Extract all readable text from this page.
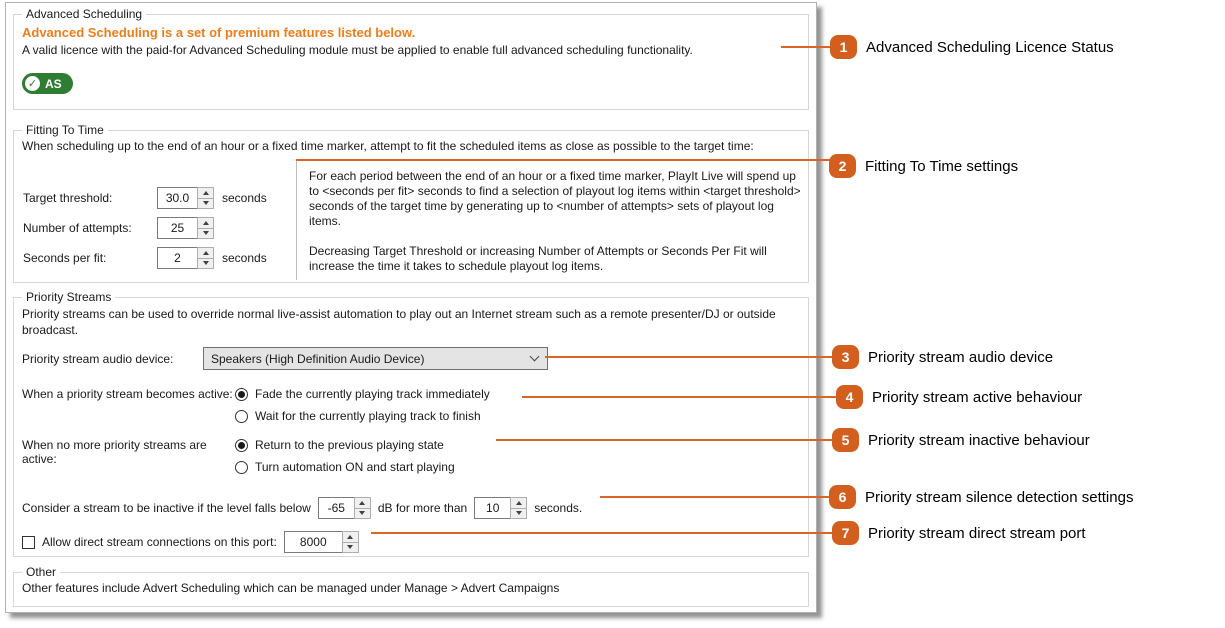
Advanced Scheduling
Advanced Scheduling is a set of premium features listed below.
A valid licence with the paid-for Advanced Scheduling module must be applied to enable full advanced scheduling functionality.
✓ AS
Fitting To Time

When scheduling up to the end of an hour or a fixed time marker, attempt to fit the scheduled items as close as possible to the target time:

Target threshold:	30.0	seconds
Number of attempts:	25
Seconds per fit:	2	seconds

For each period between the end of an hour or a fixed time marker, PlayIt Live will spend up to <seconds per fit> seconds to find a selection of playout log items within <target threshold> seconds of the target time by generating up to <number of attempts> sets of playout log items.

Decreasing Target Threshold or increasing Number of Attempts or Seconds Per Fit will increase the time it takes to schedule playout log items.

Priority Streams

Priority streams can be used to override normal live-assist automation to play out an Internet stream such as a remote presenter/DJ or outside broadcast.

Priority stream audio device:	Speakers (High Definition Audio Device)
When a priority stream becomes active: Fade the currently playing track immediately
Wait for the currently playing track to finish
When no more priority streams are active:
Return to the previous playing state
Turn automation ON and start playing
Consider a stream to be inactive if the level falls below	-65	dB for more than	10	seconds.
Allow direct stream connections on this port:	8000
Other
Other features include Advert Scheduling which can be managed under Manage > Advert Campaigns
1	Advanced Scheduling Licence Status
2	Fitting To Time settings
3	Priority stream audio device
4	Priority stream active behaviour
5	Priority stream inactive behaviour
6	Priority stream silence detection settings
7	Priority stream direct stream port
